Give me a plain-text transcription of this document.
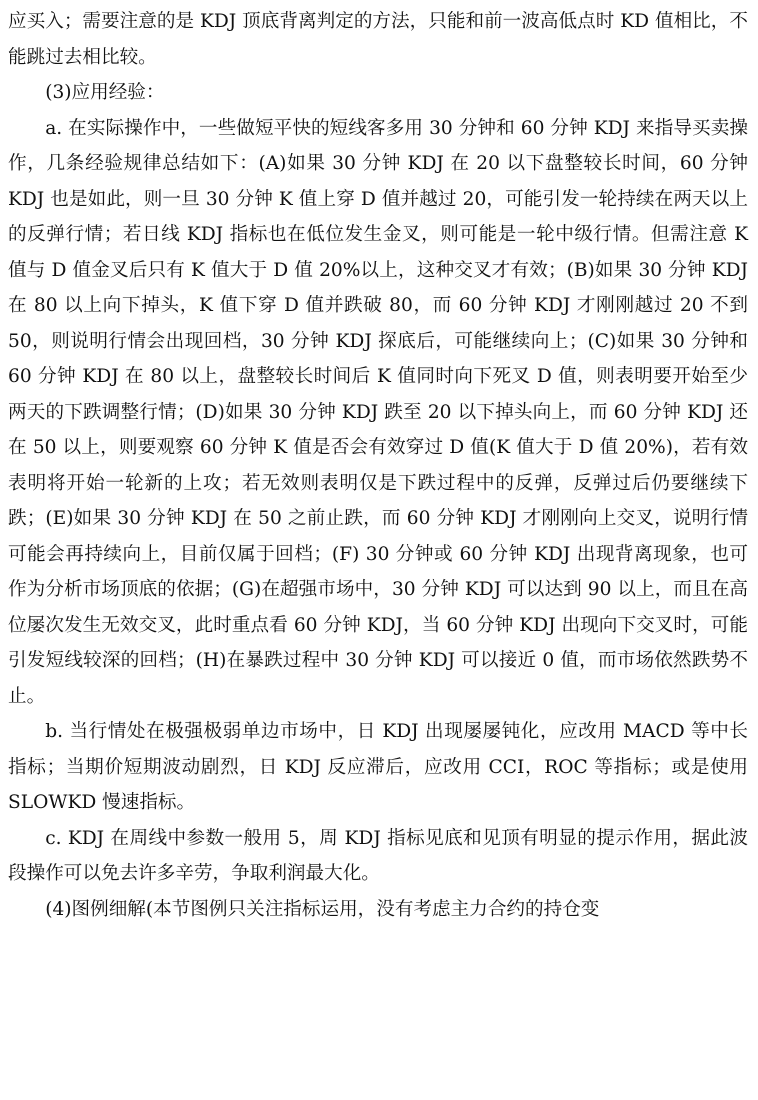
应买入；需要注意的是 KDJ 顶底背离判定的方法，只能和前一波高低点时 KD 值相比，不能跳过去相比较。

(3)应用经验：

a. 在实际操作中，一些做短平快的短线客多用 30 分钟和 60 分钟 KDJ 来指导买卖操作，几条经验规律总结如下：(A)如果 30 分钟 KDJ 在 20 以下盘整较长时间，60 分钟 KDJ 也是如此，则一旦 30 分钟 K 值上穿 D 值并越过 20，可能引发一轮持续在两天以上的反弹行情；若日线 KDJ 指标也在低位发生金叉，则可能是一轮中级行情。但需注意 K 值与 D 值金叉后只有 K 值大于 D 值 20%以上，这种交叉才有效；(B)如果 30 分钟 KDJ 在 80 以上向下掉头，K 值下穿 D 值并跌破 80，而 60 分钟 KDJ 才刚刚越过 20 不到 50，则说明行情会出现回档，30 分钟 KDJ 探底后，可能继续向上；(C)如果 30 分钟和 60 分钟 KDJ 在 80 以上，盘整较长时间后 K 值同时向下死叉 D 值，则表明要开始至少两天的下跌调整行情；(D)如果 30 分钟 KDJ 跌至 20 以下掉头向上，而 60 分钟 KDJ 还在 50 以上，则要观察 60 分钟 K 值是否会有效穿过 D 值(K 值大于 D 值 20%)，若有效表明将开始一轮新的上攻；若无效则表明仅是下跌过程中的反弹，反弹过后仍要继续下跌；(E)如果 30 分钟 KDJ 在 50 之前止跌，而 60 分钟 KDJ 才刚刚向上交叉，说明行情可能会再持续向上，目前仅属于回档；(F) 30 分钟或 60 分钟 KDJ 出现背离现象，也可作为分析市场顶底的依据；(G)在超强市场中，30 分钟 KDJ 可以达到 90 以上，而且在高位屡次发生无效交叉，此时重点看 60 分钟 KDJ，当 60 分钟 KDJ 出现向下交叉时，可能引发短线较深的回档；(H)在暴跌过程中 30 分钟 KDJ 可以接近 0 值，而市场依然跌势不止。

b. 当行情处在极强极弱单边市场中，日 KDJ 出现屡屡钝化，应改用 MACD 等中长指标；当期价短期波动剧烈，日 KDJ 反应滞后，应改用 CCI，ROC 等指标；或是使用 SLOWKD 慢速指标。

c. KDJ 在周线中参数一般用 5，周 KDJ 指标见底和见顶有明显的提示作用，据此波段操作可以免去许多辛劳，争取利润最大化。

(4)图例细解(本节图例只关注指标运用，没有考虑主力合约的持仓变
